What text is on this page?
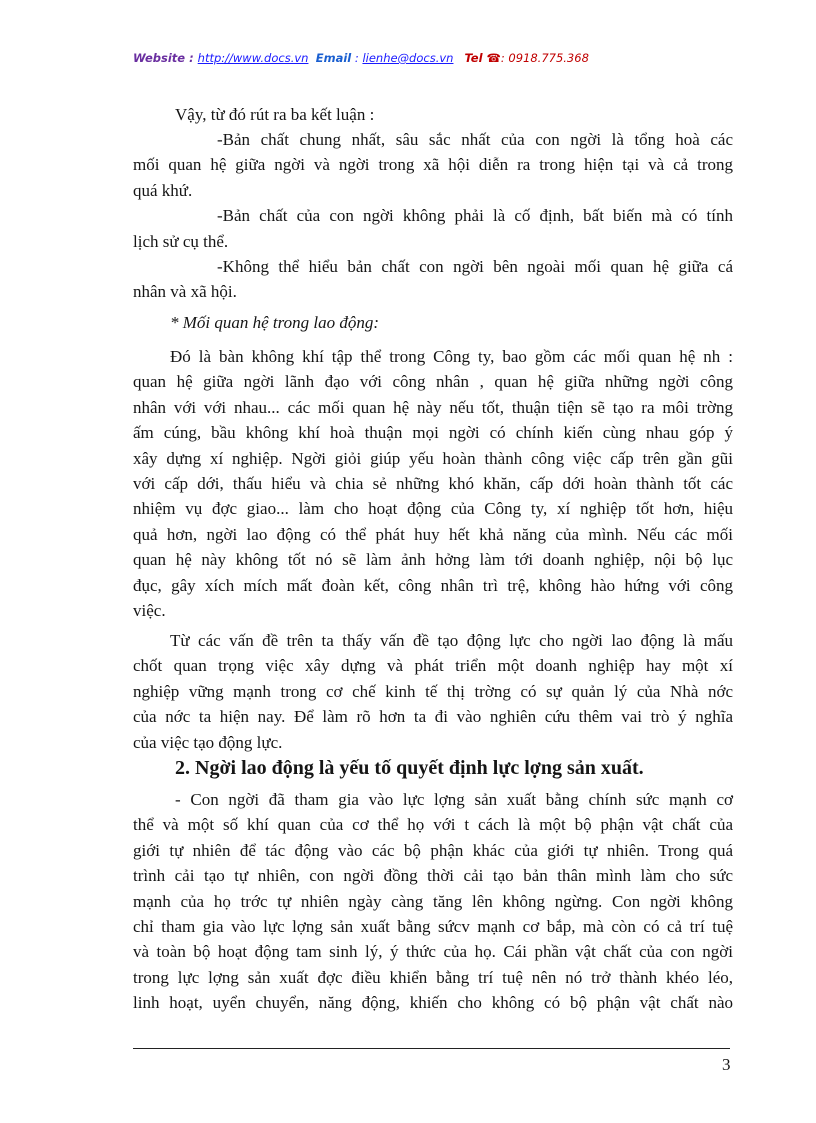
Website : http://www.docs.vn Email : lienhe@docs.vn Tel ☎: 0918.775.368
Vậy, từ đó rút ra ba kết luận :
-Bản chất chung nhất, sâu sắc nhất của con ngời là tổng hoà các
mối quan hệ giữa ngời và ngời trong xã hội diễn ra trong hiện tại và cả trong
quá khứ.
-Bản chất của con ngời không phải là cố định, bất biến mà có tính
lịch sử cụ thể.
-Không thể hiểu bản chất con ngời bên ngoài mối quan hệ giữa cá
nhân và xã hội.
* Mối quan hệ trong lao động:
Đó là bàn không khí tập thể trong Công ty, bao gồm các mối quan hệ nh :
quan hệ giữa ngời lãnh đạo với công nhân , quan hệ giữa những ngời công
nhân với với nhau... các mối quan hệ này nếu tốt, thuận tiện sẽ tạo ra môi trờng
ấm cúng, bầu không khí hoà thuận mọi ngời có chính kiến cùng nhau góp ý
xây dựng xí nghiệp. Ngời giỏi giúp yếu hoàn thành công việc cấp trên gần gũi
với cấp dới, thấu hiểu và chia sẻ những khó khăn, cấp dới hoàn thành tốt các
nhiệm vụ đợc giao... làm cho hoạt động của Công ty, xí nghiệp tốt hơn, hiệu
quả hơn, ngời lao động có thể phát huy hết khả năng của mình. Nếu các mối
quan hệ này không tốt nó sẽ làm ảnh hởng làm tới doanh nghiệp, nội bộ lục
đục, gây xích mích mất đoàn kết, công nhân trì trệ, không hào hứng với công
việc.
Từ các vấn đề trên ta thấy vấn đề tạo động lực cho ngời lao động là mấu
chốt quan trọng việc xây dựng và phát triển một doanh nghiệp hay một xí
nghiệp vững mạnh trong cơ chế kinh tế thị trờng có sự quản lý của Nhà nớc
của nớc ta hiện nay. Để làm rõ hơn ta đi vào nghiên cứu thêm vai trò ý nghĩa
của việc tạo động lực.
2. Ngời lao động là yếu tố quyết định lực lợng sản xuất.
- Con ngời đã tham gia vào lực lợng sản xuất bằng chính sức mạnh cơ
thể và một số khí quan của cơ thể họ với t cách là một bộ phận vật chất của
giới tự nhiên để tác động vào các bộ phận khác của giới tự nhiên. Trong quá
trình cải tạo tự nhiên, con ngời đồng thời cải tạo bản thân mình làm cho sức
mạnh của họ trớc tự nhiên ngày càng tăng lên không ngừng. Con ngời không
chỉ tham gia vào lực lợng sản xuất bằng sứcv mạnh cơ bắp, mà còn có cả trí tuệ
và toàn bộ hoạt động tam sinh lý, ý thức của họ. Cái phần vật chất của con ngời
trong lực lợng sản xuất đợc điều khiển bằng trí tuệ nên nó trở thành khéo léo,
linh hoạt, uyển chuyển, năng động, khiến cho không có bộ phận vật chất nào
3
